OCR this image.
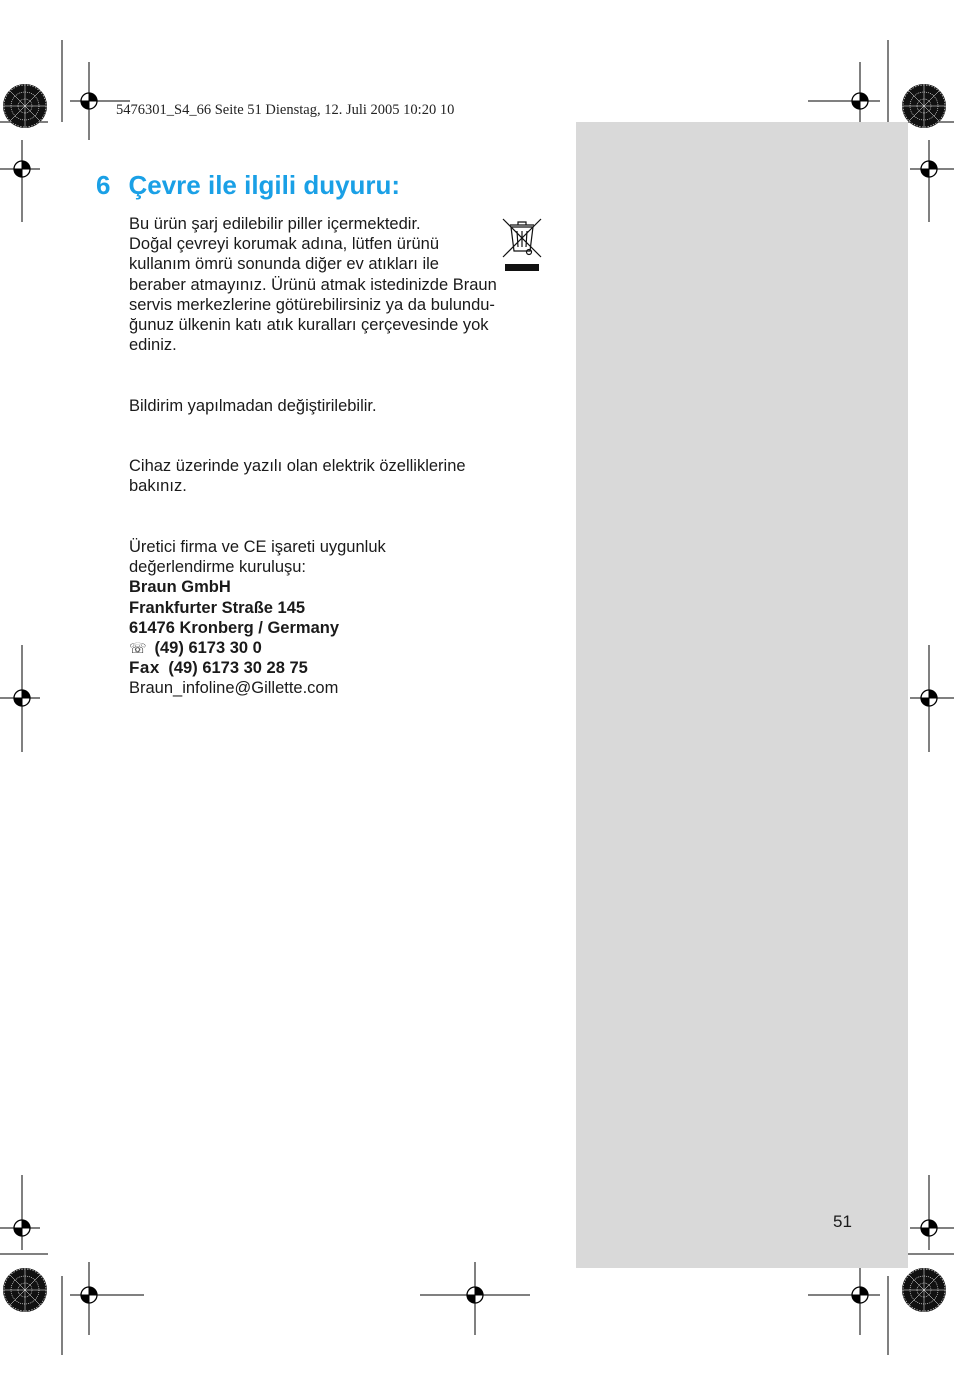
5476301_S4_66 Seite 51 Dienstag, 12. Juli 2005 10:20 10
6 Çevre ile ilgili duyuru:

Bu ürün şarj edilebilir piller içermektedir.
Doğal çevreyi korumak adına, lütfen ürünü
kullanım ömrü sonunda diğer ev atıkları ile
beraber atmayınız. Ürünü atmak istedinizde Braun
servis merkezlerine götürebilirsiniz ya da bulundu-
ğunuz ülkenin katı atık kuralları çerçevesinde yok
ediniz.

Bildirim yapılmadan değiştirilebilir.

Cihaz üzerinde yazılı olan elektrik özelliklerine
bakınız.

Üretici firma ve CE işareti uygunluk
değerlendirme kuruluşu:
Braun GmbH
Frankfurter Straße 145
61476 Kronberg / Germany
☏ (49) 6173 30 0
Fax (49) 6173 30 28 75
Braun_infoline@Gillette.com

51
